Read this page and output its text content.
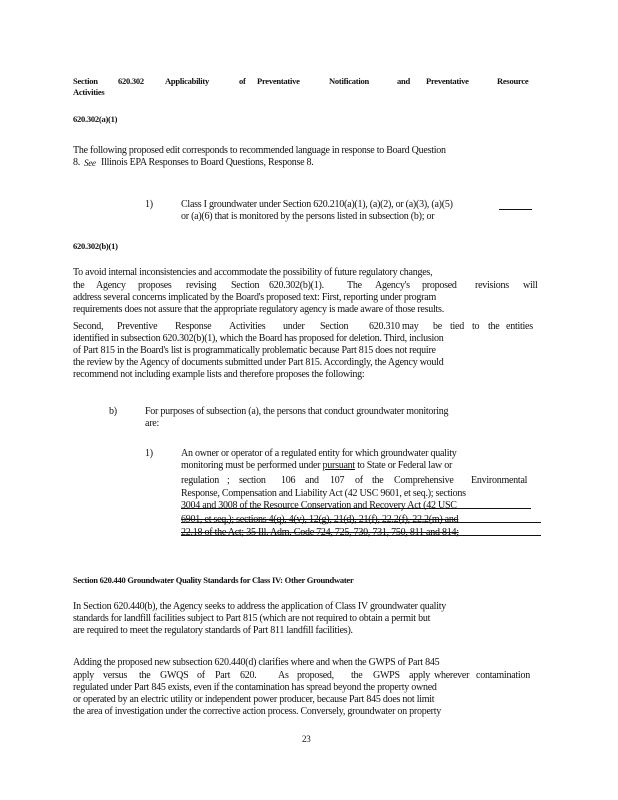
Section 620.302 Applicability	of Preventative	Notification	and Preventative	Resource
Activities
620.302(a)(1)
The following proposed edit corresponds to recommended language in response to Board Question
8. See Illinois EPA Responses to Board Questions, Response 8.
1)	Class I groundwater under Section 620.210(a)(1), (a)(2), or (a)(3), (a)(5)
or (a)(6) that is monitored by the persons listed in subsection (b); or
620.302(b)(1)
To avoid internal inconsistencies and accommodate the possibility of future regulatory changes,
the Agency proposes revising Section 620.302(b)(1). The Agency's proposed revisions will
address several concerns implicated by the Board's proposed text: First, reporting under program
requirements does not assure that the appropriate regulatory agency is made aware of those results.
Second, Preventive Response Activities under Section 620.310 may be tied to the entities
identified in subsection 620.302(b)(1), which the Board has proposed for deletion. Third, inclusion
of Part 815 in the Board's list is programmatically problematic because Part 815 does not require
the review by the Agency of documents submitted under Part 815. Accordingly, the Agency would
recommend not including example lists and therefore proposes the following:
b)	For purposes of subsection (a), the persons that conduct groundwater monitoring
are:
1)	An owner or operator of a regulated entity for which groundwater quality
monitoring must be performed under pursuant to State or Federal law or
regulation ; section 106 and 107 of the Comprehensive Environmental
Response, Compensation and Liability Act (42 USC 9601, et seq.); sections
3004 and 3008 of the Resource Conservation and Recovery Act (42 USC
6901, et seq.); sections 4(q), 4(v), 12(g), 21(d), 21(f), 22.2(f), 22.2(m) and
22.18 of the Act; 35 Ill. Adm. Code 724, 725, 730, 731, 750, 811 and 814;
Section 620.440 Groundwater Quality Standards for Class IV: Other Groundwater
In Section 620.440(b), the Agency seeks to address the application of Class IV groundwater quality
standards for landfill facilities subject to Part 815 (which are not required to obtain a permit but
are required to meet the regulatory standards of Part 811 landfill facilities).
Adding the proposed new subsection 620.440(d) clarifies where and when the GWPS of Part 845
apply versus the GWQS of Part 620. As proposed, the GWPS apply wherever contamination
regulated under Part 845 exists, even if the contamination has spread beyond the property owned
or operated by an electric utility or independent power producer, because Part 845 does not limit
the area of investigation under the corrective action process. Conversely, groundwater on property
23
